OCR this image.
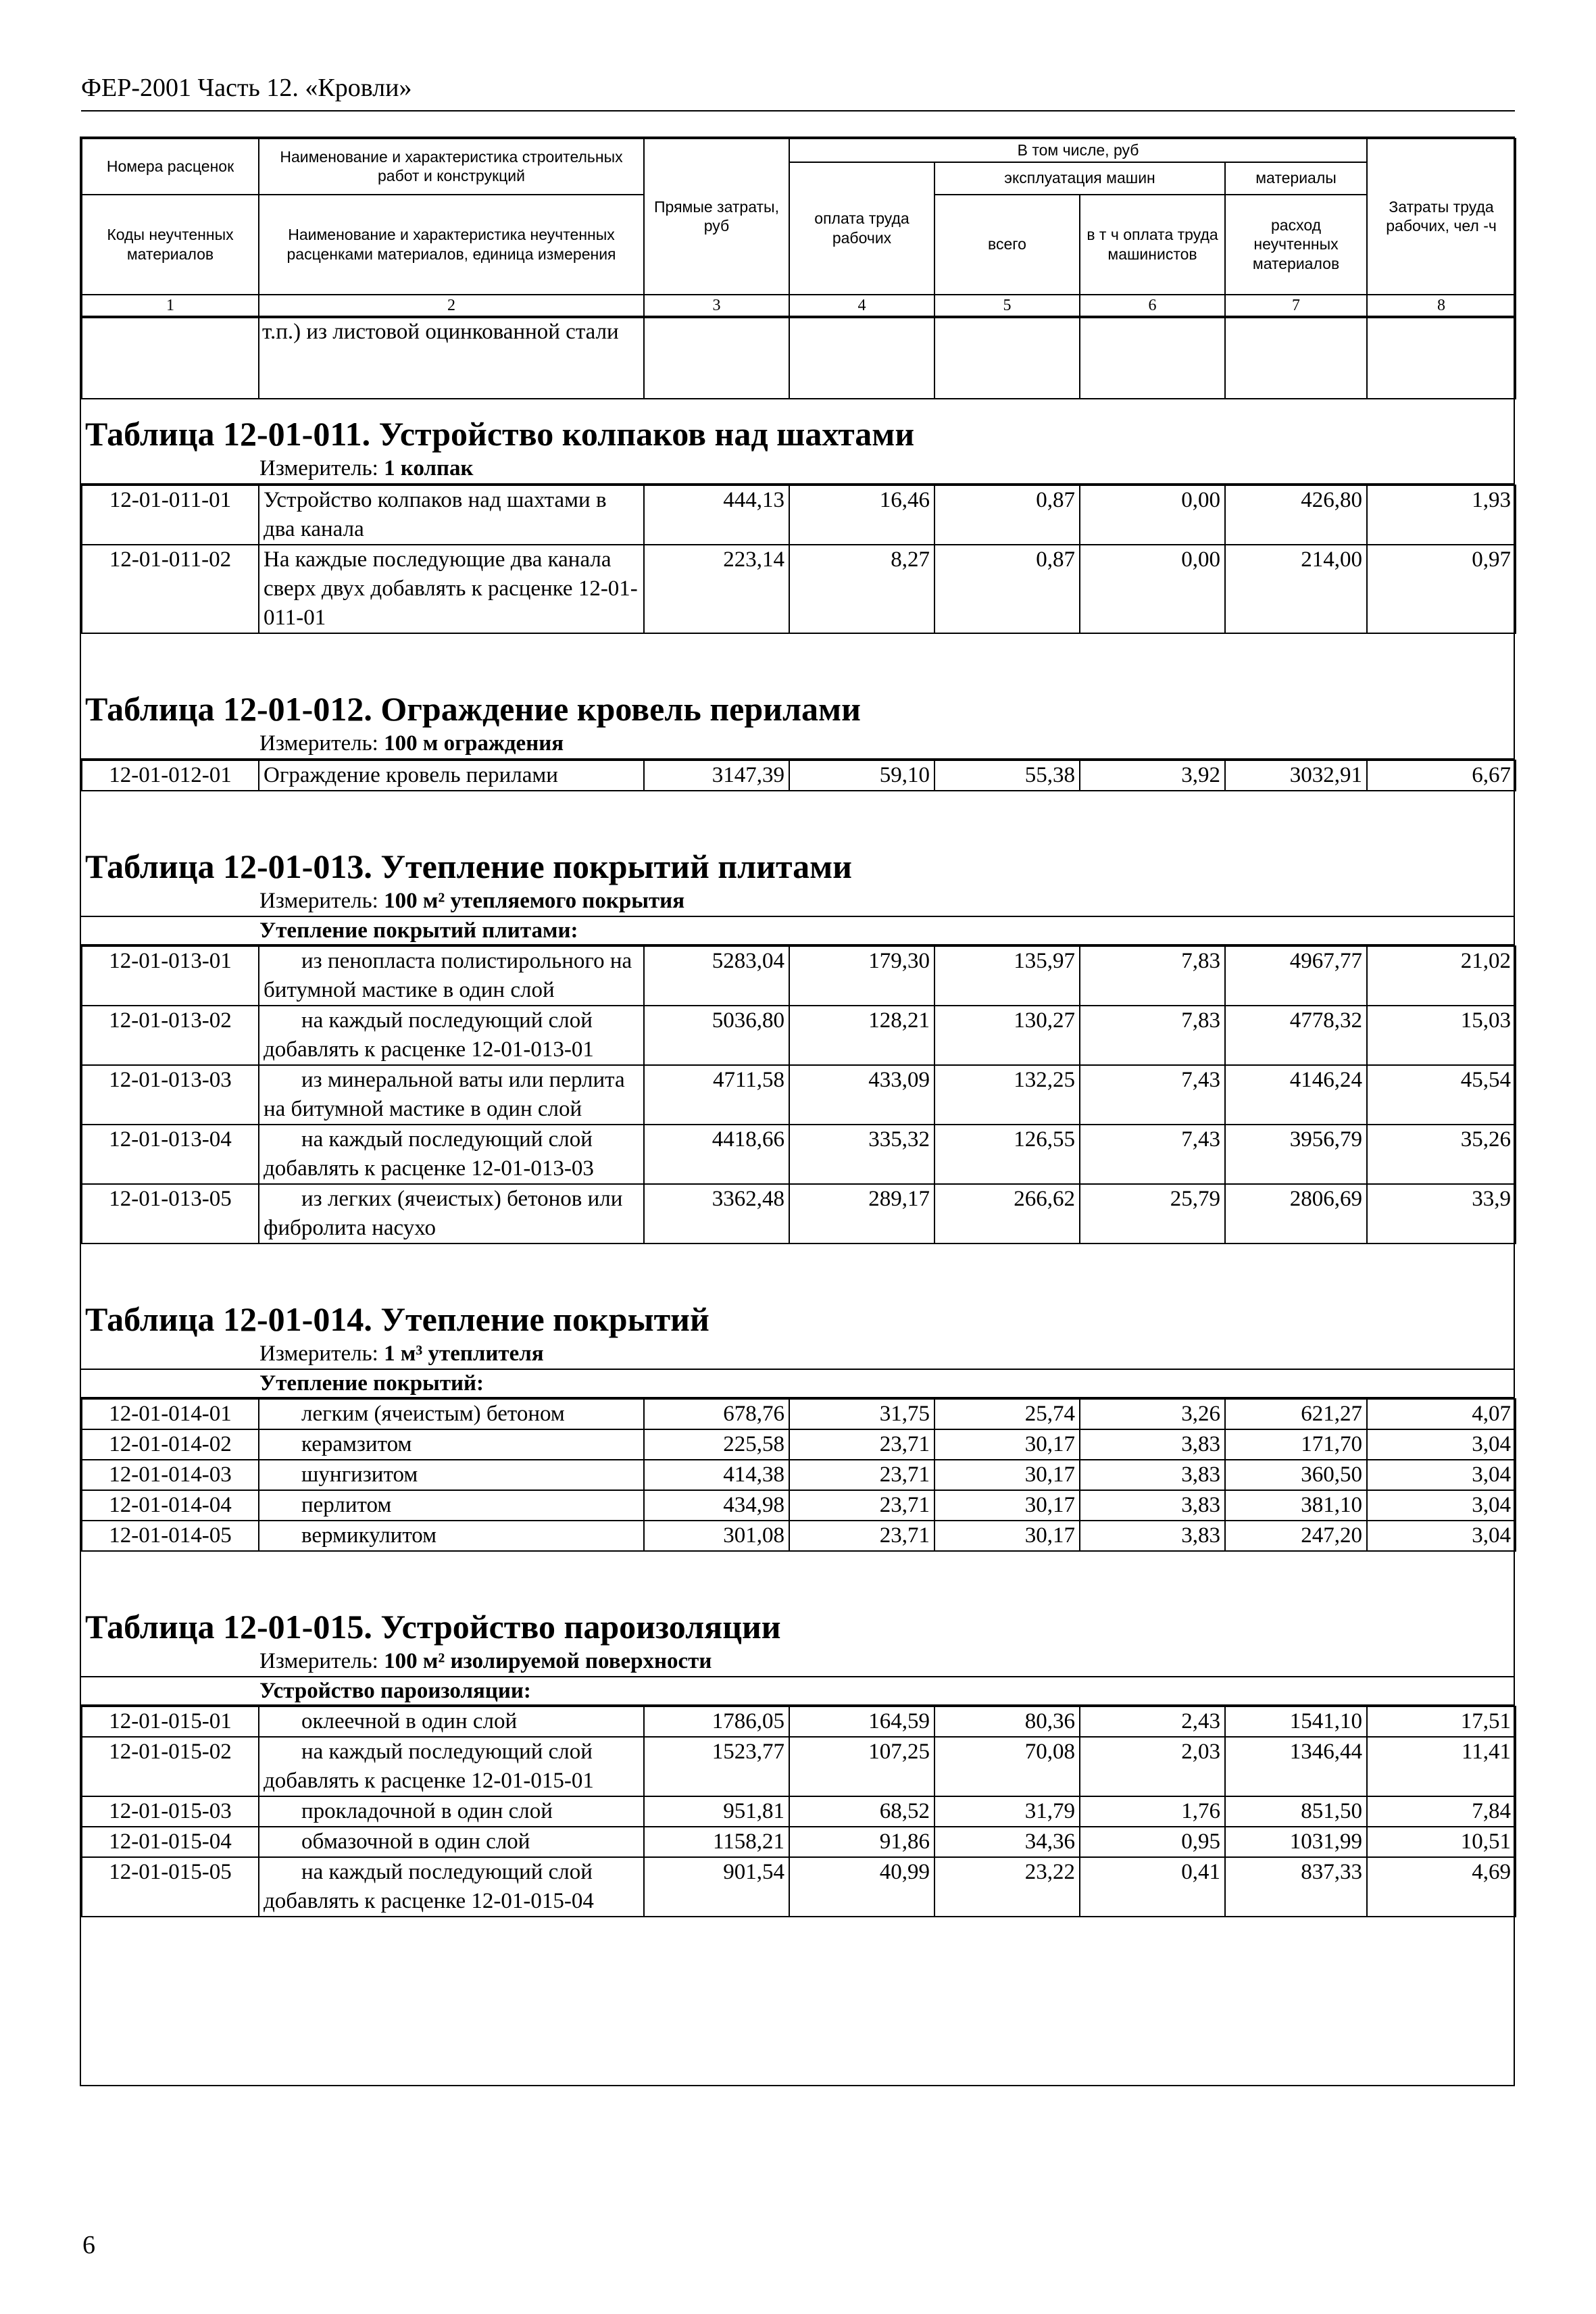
ФЕР-2001 Часть 12. «Кровли»
Номера расценок	Наименование и характеристика строительных работ и конструкций	Прямые затраты, руб	В том числе, руб				Затраты труда рабочих, чел -ч
			оплата труда рабочих	эксплуатация машин		материалы	
Коды неучтенных материалов	Наименование и характеристика неучтенных расценками материалов, единица измерения			всего	в т ч оплата труда машинистов	расход неучтенных материалов	
1	2	3	4	5	6	7	8
	т.п.) из листовой оцинкованной стали						
Таблица 12-01-011. Устройство колпаков над шахтами
Измеритель: 1 колпак
12-01-011-01	Устройство колпаков над шахтами в два канала	444,13	16,46	0,87	0,00	426,80	1,93
12-01-011-02	На каждые последующие два канала сверх двух добавлять к расценке 12-01-011-01	223,14	8,27	0,87	0,00	214,00	0,97
Таблица 12-01-012. Ограждение кровель перилами
Измеритель: 100 м ограждения
12-01-012-01	Ограждение кровель перилами	3147,39	59,10	55,38	3,92	3032,91	6,67
Таблица 12-01-013. Утепление покрытий плитами
Измеритель: 100 м² утепляемого покрытия
Утепление покрытий плитами:
12-01-013-01	из пенопласта полистирольного на битумной мастике в один слой	5283,04	179,30	135,97	7,83	4967,77	21,02
12-01-013-02	на каждый последующий слой добавлять к расценке 12-01-013-01	5036,80	128,21	130,27	7,83	4778,32	15,03
12-01-013-03	из минеральной ваты или перлита на битумной мастике в один слой	4711,58	433,09	132,25	7,43	4146,24	45,54
12-01-013-04	на каждый последующий слой добавлять к расценке 12-01-013-03	4418,66	335,32	126,55	7,43	3956,79	35,26
12-01-013-05	из легких (ячеистых) бетонов или фибролита насухо	3362,48	289,17	266,62	25,79	2806,69	33,9
Таблица 12-01-014. Утепление покрытий
Измеритель: 1 м³ утеплителя
Утепление покрытий:
12-01-014-01	легким (ячеистым) бетоном	678,76	31,75	25,74	3,26	621,27	4,07
12-01-014-02	керамзитом	225,58	23,71	30,17	3,83	171,70	3,04
12-01-014-03	шунгизитом	414,38	23,71	30,17	3,83	360,50	3,04
12-01-014-04	перлитом	434,98	23,71	30,17	3,83	381,10	3,04
12-01-014-05	вермикулитом	301,08	23,71	30,17	3,83	247,20	3,04
Таблица 12-01-015. Устройство пароизоляции
Измеритель: 100 м² изолируемой поверхности
Устройство пароизоляции:
12-01-015-01	оклеечной в один слой	1786,05	164,59	80,36	2,43	1541,10	17,51
12-01-015-02	на каждый последующий слой добавлять к расценке 12-01-015-01	1523,77	107,25	70,08	2,03	1346,44	11,41
12-01-015-03	прокладочной в один слой	951,81	68,52	31,79	1,76	851,50	7,84
12-01-015-04	обмазочной в один слой	1158,21	91,86	34,36	0,95	1031,99	10,51
12-01-015-05	на каждый последующий слой добавлять к расценке 12-01-015-04	901,54	40,99	23,22	0,41	837,33	4,69
6
